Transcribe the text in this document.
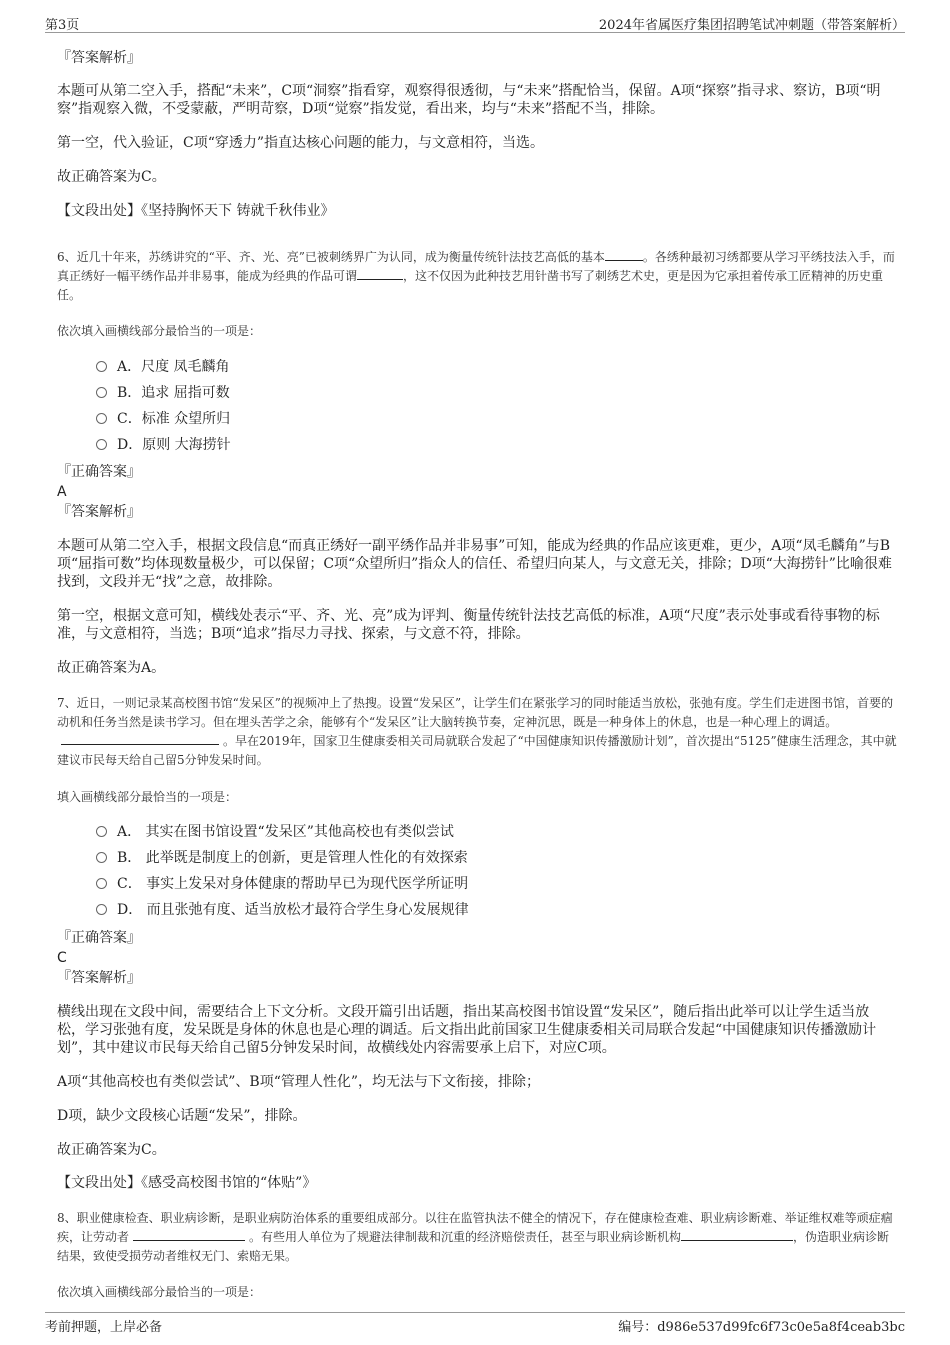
第3页	2024年省属医疗集团招聘笔试冲刺题（带答案解析）
『答案解析』
本题可从第二空入手，搭配“未来”，C项“洞察”指看穿，观察得很透彻，与“未来”搭配恰当，保留。A项“探察”指寻求、察访，B项“明察”指观察入微，不受蒙蔽，严明苛察，D项“觉察”指发觉，看出来，均与“未来”搭配不当，排除。
第一空，代入验证，C项“穿透力”指直达核心问题的能力，与文意相符，当选。
故正确答案为C。
【文段出处】《坚持胸怀天下 铸就千秋伟业》
6、近几十年来，苏绣讲究的“平、齐、光、亮”已被刺绣界广为认同，成为衡量传统针法技艺高低的基本	。各绣种最初习绣都要从学习平绣技法入手，而真正绣好一幅平绣作品并非易事，能成为经典的作品可谓	，这不仅因为此种技艺用针凿书写了刺绣艺术史，更是因为它承担着传承工匠精神的历史重任。
依次填入画横线部分最恰当的一项是：
A．尺度 凤毛麟角
B．追求 屈指可数
C．标准 众望所归
D．原则 大海捞针
『正确答案』
A
『答案解析』
本题可从第二空入手，根据文段信息“而真正绣好一副平绣作品并非易事”可知，能成为经典的作品应该更难，更少，A项“凤毛麟角”与B项“屈指可数”均体现数量极少，可以保留；C项“众望所归”指众人的信任、希望归向某人，与文意无关，排除；D项“大海捞针”比喻很难找到，文段并无“找”之意，故排除。
第一空，根据文意可知，横线处表示“平、齐、光、亮”成为评判、衡量传统针法技艺高低的标准，A项“尺度”表示处事或看待事物的标准，与文意相符，当选；B项“追求”指尽力寻找、探索，与文意不符，排除。
故正确答案为A。
7、近日，一则记录某高校图书馆“发呆区”的视频冲上了热搜。设置“发呆区”，让学生们在紧张学习的同时能适当放松，张弛有度。学生们走进图书馆，首要的动机和任务当然是读书学习。但在埋头苦学之余，能够有个“发呆区”让大脑转换节奏，定神沉思，既是一种身体上的休息，也是一种心理上的调适。。早在2019年，国家卫生健康委相关司局就联合发起了“中国健康知识传播激励计划”，首次提出“5125”健康生活理念，其中就建议市民每天给自己留5分钟发呆时间。
填入画横线部分最恰当的一项是：
A． 其实在图书馆设置“发呆区”其他高校也有类似尝试
B． 此举既是制度上的创新，更是管理人性化的有效探索
C． 事实上发呆对身体健康的帮助早已为现代医学所证明
D． 而且张弛有度、适当放松才最符合学生身心发展规律
『正确答案』
C
『答案解析』
横线出现在文段中间，需要结合上下文分析。文段开篇引出话题，指出某高校图书馆设置“发呆区”，随后指出此举可以让学生适当放松，学习张弛有度，发呆既是身体的休息也是心理的调适。后文指出此前国家卫生健康委相关司局联合发起“中国健康知识传播激励计划”，其中建议市民每天给自己留5分钟发呆时间，故横线处内容需要承上启下，对应C项。
A项“其他高校也有类似尝试”、B项“管理人性化”，均无法与下文衔接，排除；
D项，缺少文段核心话题“发呆”，排除。
故正确答案为C。
【文段出处】《感受高校图书馆的“体贴”》
8、职业健康检查、职业病诊断，是职业病防治体系的重要组成部分。以往在监管执法不健全的情况下，存在健康检查难、职业病诊断难、举证维权难等顽症痼疾，让劳动者	。有些用人单位为了规避法律制裁和沉重的经济赔偿责任，甚至与职业病诊断机构	，伪造职业病诊断结果，致使受损劳动者维权无门、索赔无果。
依次填入画横线部分最恰当的一项是：
考前押题，上岸必备	编号：d986e537d99fc6f73c0e5a8f4ceab3bc
